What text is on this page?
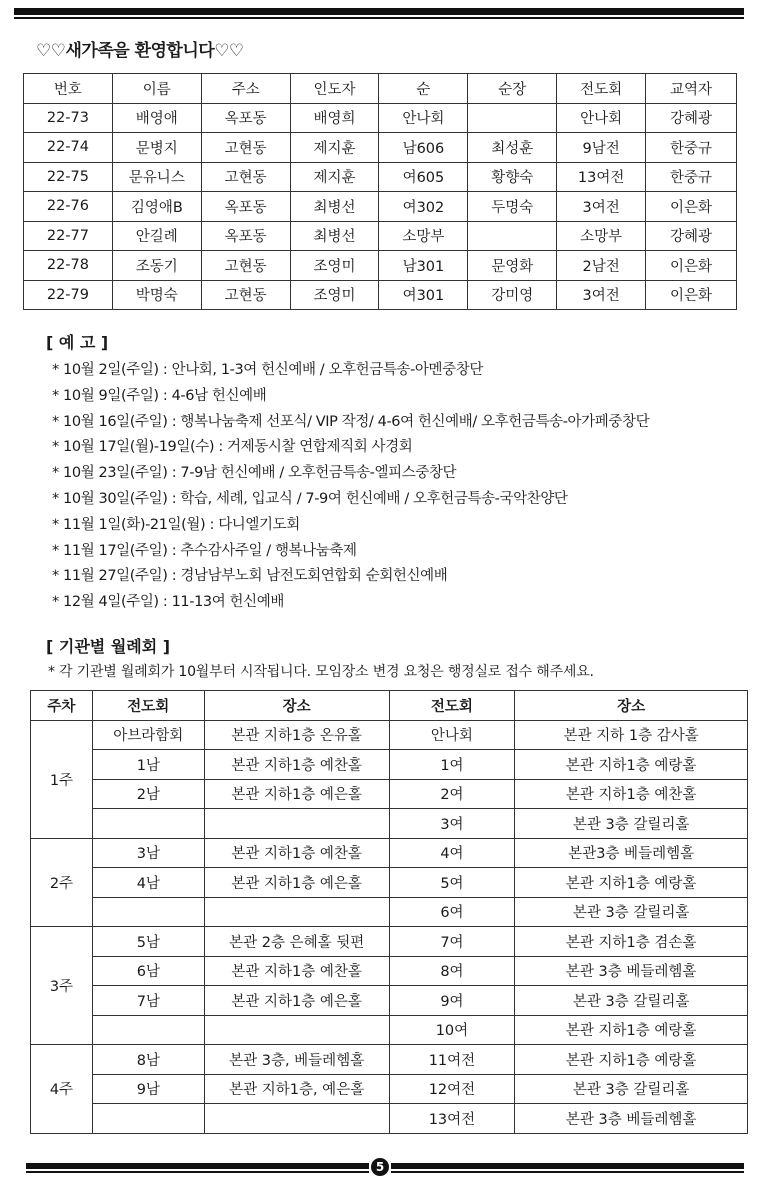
♡♡새가족을 환영합니다♡♡
번호	이름	주소	인도자	순	순장	전도회	교역자
22-73	배영애	옥포동	배영희	안나회		안나회	강혜광
22-74	문병지	고현동	제지훈	남606	최성훈	9남전	한중규
22-75	문유니스	고현동	제지훈	여605	황향숙	13여전	한중규
22-76	김영애B	옥포동	최병선	여302	두명숙	3여전	이은화
22-77	안길례	옥포동	최병선	소망부		소망부	강혜광
22-78	조동기	고현동	조영미	남301	문영화	2남전	이은화
22-79	박명숙	고현동	조영미	여301	강미영	3여전	이은화
[ 예 고 ]
* 10월 2일(주일) : 안나회, 1-3여 헌신예배 / 오후헌금특송-아멘중창단
* 10월 9일(주일) : 4-6남 헌신예배
* 10월 16일(주일) : 행복나눔축제 선포식/ VIP 작정/ 4-6여 헌신예배/ 오후헌금특송-아가페중창단
* 10월 17일(월)-19일(수) : 거제동시찰 연합제직회 사경회
* 10월 23일(주일) : 7-9남 헌신예배 / 오후헌금특송-엘피스중창단
* 10월 30일(주일) : 학습, 세례, 입교식 / 7-9여 헌신예배 / 오후헌금특송-국악찬양단
* 11월 1일(화)-21일(월) : 다니엘기도회
* 11월 17일(주일) : 추수감사주일 / 행복나눔축제
* 11월 27일(주일) : 경남남부노회 남전도회연합회 순회헌신예배
* 12월 4일(주일) : 11-13여 헌신예배
[ 기관별 월례회 ]
* 각 기관별 월례회가 10월부터 시작됩니다. 모임장소 변경 요청은 행정실로 접수 해주세요.
주차	전도회	장소	전도회	장소
1주	아브라함회	본관 지하1층 온유홀	안나회	본관 지하 1층 감사홀
	1남	본관 지하1층 예찬홀	1여	본관 지하1층 예랑홀
	2남	본관 지하1층 예은홀	2여	본관 지하1층 예찬홀
			3여	본관 3층 갈릴리홀
2주	3남	본관 지하1층 예찬홀	4여	본관3층 베들레헴홀
	4남	본관 지하1층 예은홀	5여	본관 지하1층 예랑홀
			6여	본관 3층 갈릴리홀
3주	5남	본관 2층 은혜홀 뒷편	7여	본관 지하1층 겸손홀
	6남	본관 지하1층 예찬홀	8여	본관 3층 베들레헴홀
	7남	본관 지하1층 예은홀	9여	본관 3층 갈릴리홀
			10여	본관 지하1층 예랑홀
4주	8남	본관 3층, 베들레헴홀	11여전	본관 지하1층 예랑홀
	9남	본관 지하1층, 예은홀	12여전	본관 3층 갈릴리홀
			13여전	본관 3층 베들레헴홀
5
